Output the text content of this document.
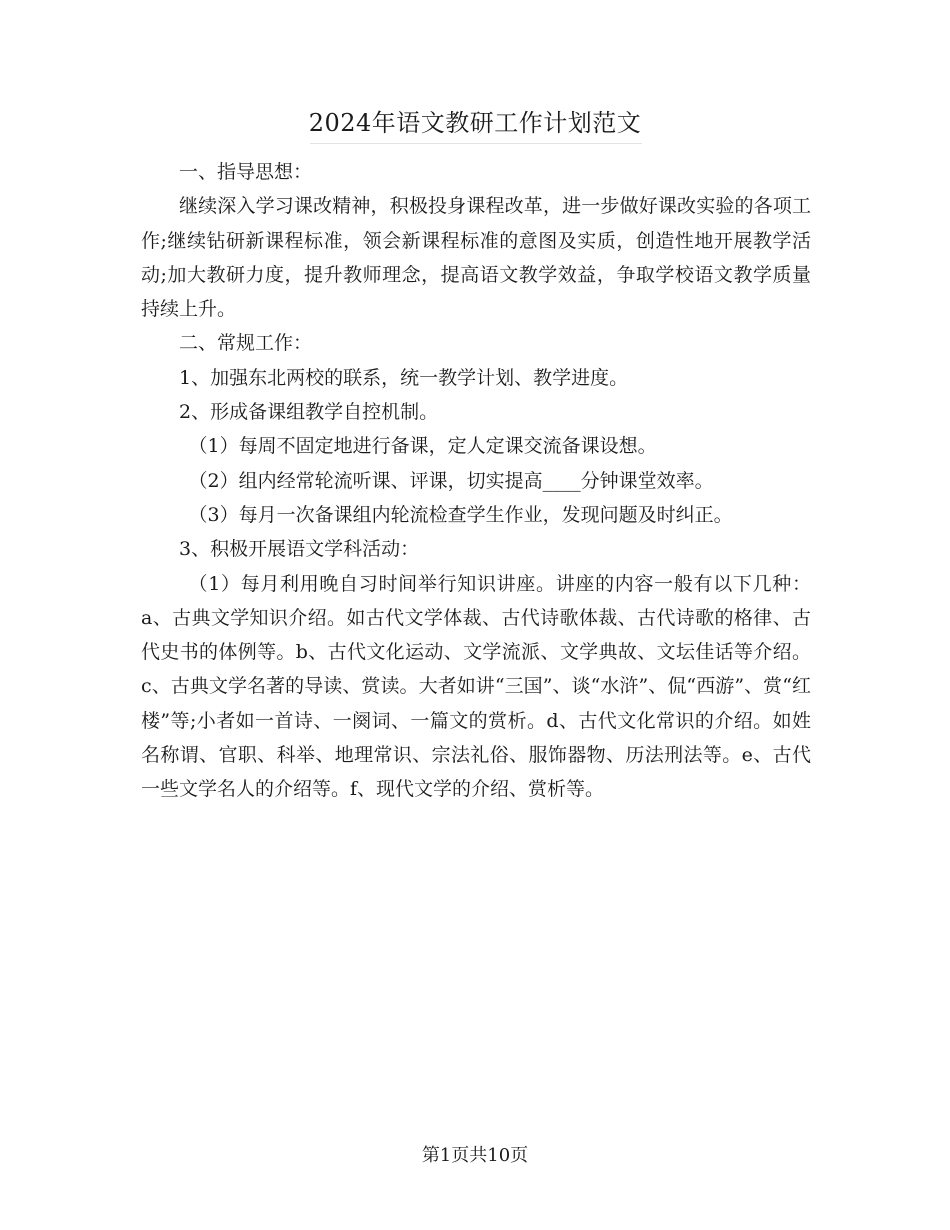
2024年语文教研工作计划范文

一、指导思想：

继续深入学习课改精神，积极投身课程改革，进一步做好课改实验的各项工作;继续钻研新课程标准，领会新课程标准的意图及实质，创造性地开展教学活动;加大教研力度，提升教师理念，提高语文教学效益，争取学校语文教学质量持续上升。

二、常规工作：

1、加强东北两校的联系，统一教学计划、教学进度。

2、形成备课组教学自控机制。

（1）每周不固定地进行备课，定人定课交流备课设想。

（2）组内经常轮流听课、评课，切实提高____分钟课堂效率。

（3）每月一次备课组内轮流检查学生作业，发现问题及时纠正。

3、积极开展语文学科活动：

（1）每月利用晚自习时间举行知识讲座。讲座的内容一般有以下几种：a、古典文学知识介绍。如古代文学体裁、古代诗歌体裁、古代诗歌的格律、古代史书的体例等。b、古代文化运动、文学流派、文学典故、文坛佳话等介绍。c、古典文学名著的导读、赏读。大者如讲“三国”、谈“水浒”、侃“西游”、赏“红楼”等;小者如一首诗、一阕词、一篇文的赏析。d、古代文化常识的介绍。如姓名称谓、官职、科举、地理常识、宗法礼俗、服饰器物、历法刑法等。e、古代一些文学名人的介绍等。f、现代文学的介绍、赏析等。

第1页共10页
